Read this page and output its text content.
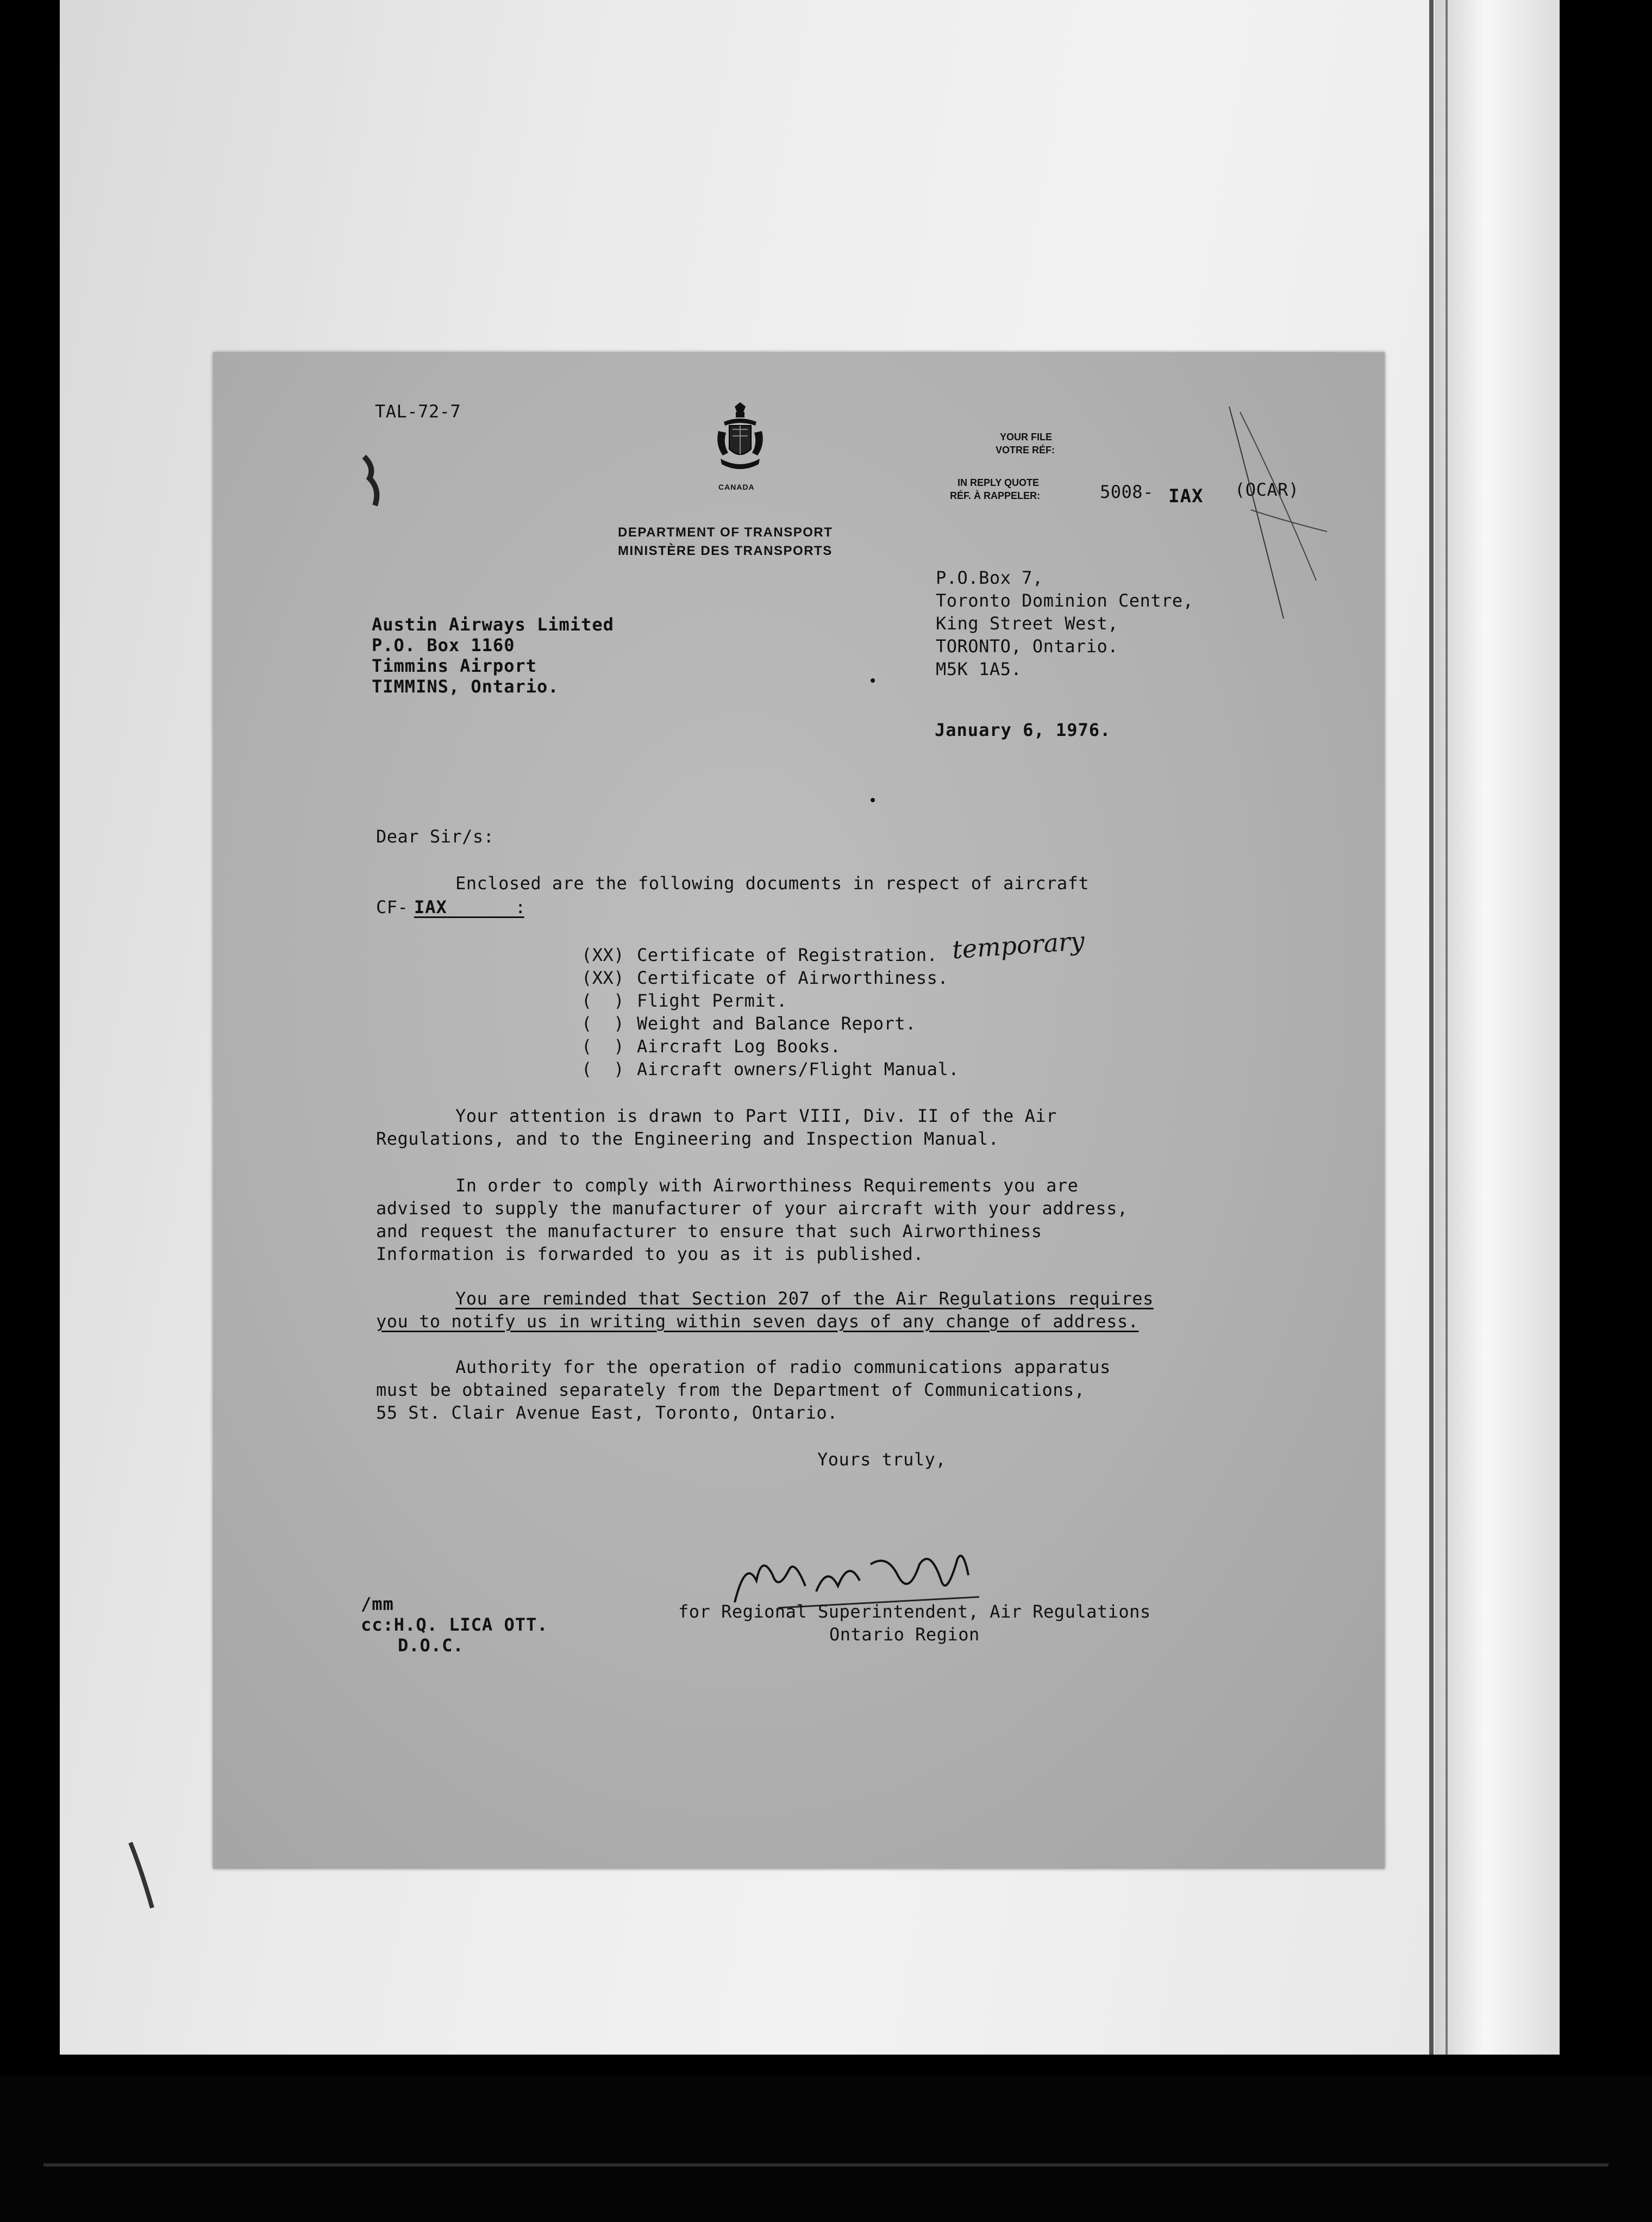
TAL-72-7
CANADA
DEPARTMENT OF TRANSPORT
MINISTÈRE DES TRANSPORTS
YOUR FILE
VOTRE RÉF:
IN REPLY QUOTE
RÉF. À RAPPELER:	5008- IAX (OCAR)
P.O.Box 7,
Toronto Dominion Centre,
King Street West,
TORONTO, Ontario.
M5K 1A5.
Austin Airways Limited
P.O. Box 1160
Timmins Airport
TIMMINS, Ontario.
January 6, 1976.
Dear Sir/s:
Enclosed are the following documents in respect of aircraft
CF- IAX	:
(XX) Certificate of Registration.
(XX) Certificate of Airworthiness.
(  ) Flight Permit.
(  ) Weight and Balance Report.
(  ) Aircraft Log Books.
(  ) Aircraft owners/Flight Manual.
temporary
Your attention is drawn to Part VIII, Div. II of the Air
Regulations, and to the Engineering and Inspection Manual.
In order to comply with Airworthiness Requirements you are
advised to supply the manufacturer of your aircraft with your address,
and request the manufacturer to ensure that such Airworthiness
Information is forwarded to you as it is published.
You are reminded that Section 207 of the Air Regulations requires
you to notify us in writing within seven days of any change of address.
Authority for the operation of radio communications apparatus
must be obtained separately from the Department of Communications,
55 St. Clair Avenue East, Toronto, Ontario.
Yours truly,
for Regional Superintendent, Air Regulations
Ontario Region
/mm
cc:H.Q. LICA OTT.
D.O.C.
